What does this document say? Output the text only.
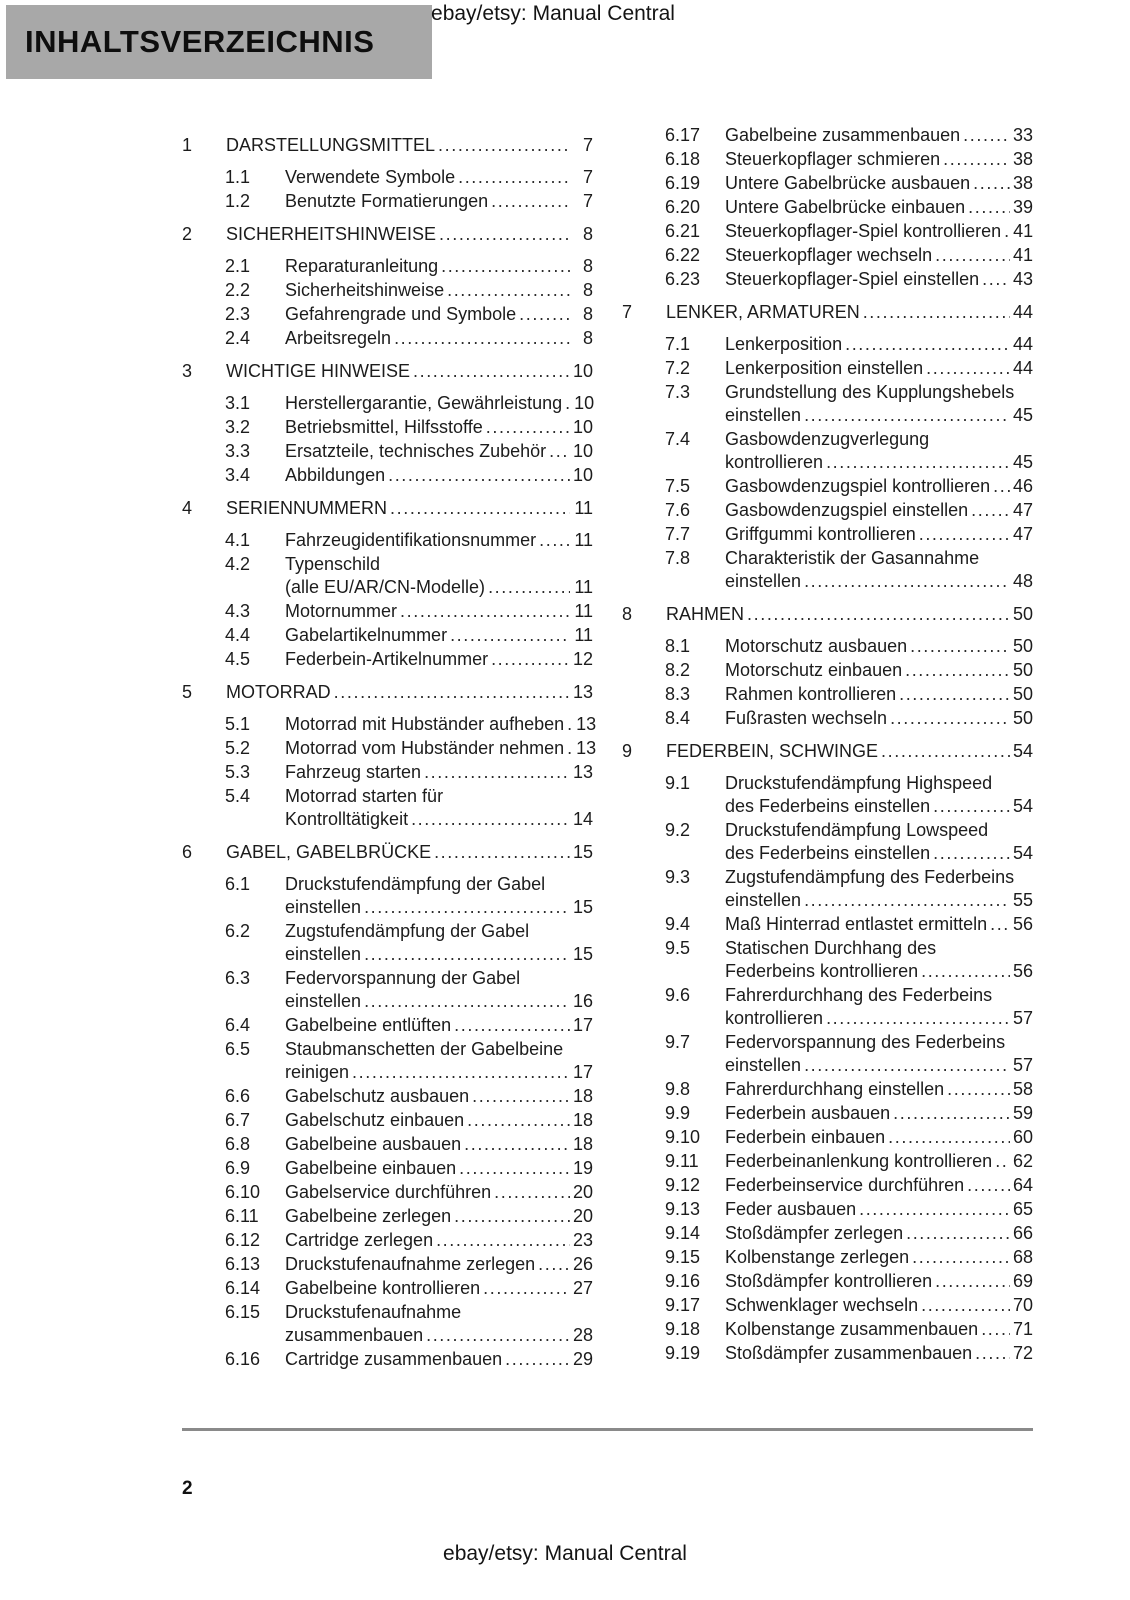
INHALTSVERZEICHNIS
ebay/etsy: Manual Central
1	DARSTELLUNGSMITTEL .....	7
1.1	Verwendete Symbole .....	7
1.2	Benutzte Formatierungen .....	7
2	SICHERHEITSHINWEISE .....	8
2.1	Reparaturanleitung .....	8
2.2	Sicherheitshinweise .....	8
2.3	Gefahrengrade und Symbole .....	8
2.4	Arbeitsregeln .....	8
3	WICHTIGE HINWEISE .....	10
3.1	Herstellergarantie, Gewährleistung ..... 10
3.2	Betriebsmittel, Hilfsstoffe .....	10
3.3	Ersatzteile, technisches Zubehör ..... 10
3.4	Abbildungen .....	10
4	SERIENNUMMERN .....	11
4.1	Fahrzeugidentifikationsnummer ..... 11
4.2	Typenschild
(alle EU/AR/CN-Modelle) .....	11
4.3	Motornummer .....	11
4.4	Gabelartikelnummer .....	11
4.5	Federbein-Artikelnummer .....	12
5	MOTORRAD .....	13
5.1	Motorrad mit Hubständer aufheben ..... 13
5.2	Motorrad vom Hubständer nehmen ..... 13
5.3	Fahrzeug starten .....	13
5.4	Motorrad starten für
Kontrolltätigkeit .....	14
6	GABEL, GABELBRÜCKE .....	15
6.1	Druckstufendämpfung der Gabel
einstellen .....	15
6.2	Zugstufendämpfung der Gabel
einstellen .....	15
6.3	Federvorspannung der Gabel
einstellen .....	16
6.4	Gabelbeine entlüften .....	17
6.5	Staubmanschetten der Gabelbeine
reinigen .....	17
6.6	Gabelschutz ausbauen .....	18
6.7	Gabelschutz einbauen .....	18
6.8	Gabelbeine ausbauen .....	18
6.9	Gabelbeine einbauen .....	19
6.10	Gabelservice durchführen .....	20
6.11	Gabelbeine zerlegen .....	20
6.12	Cartridge zerlegen .....	23
6.13	Druckstufenaufnahme zerlegen ..... 26
6.14	Gabelbeine kontrollieren .....	27
6.15	Druckstufenaufnahme
zusammenbauen .....	28
6.16	Cartridge zusammenbauen .....	29
6.17	Gabelbeine zusammenbauen .....	33
6.18	Steuerkopflager schmieren .....	38
6.19	Untere Gabelbrücke ausbauen ..... 38
6.20	Untere Gabelbrücke einbauen .....	39
6.21	Steuerkopflager-Spiel kontrollieren ..... 41
6.22	Steuerkopflager wechseln .....	41
6.23	Steuerkopflager-Spiel einstellen ..... 43
7	LENKER, ARMATUREN .....	44
7.1	Lenkerposition .....	44
7.2	Lenkerposition einstellen .....	44
7.3	Grundstellung des Kupplungshebels
einstellen .....	45
7.4	Gasbowdenzugverlegung
kontrollieren .....	45
7.5	Gasbowdenzugspiel kontrollieren ..... 46
7.6	Gasbowdenzugspiel einstellen ..... 47
7.7	Griffgummi kontrollieren .....	47
7.8	Charakteristik der Gasannahme
einstellen .....	48
8	RAHMEN .....	50
8.1	Motorschutz ausbauen .....	50
8.2	Motorschutz einbauen .....	50
8.3	Rahmen kontrollieren .....	50
8.4	Fußrasten wechseln .....	50
9	FEDERBEIN, SCHWINGE .....	54
9.1	Druckstufendämpfung Highspeed
des Federbeins einstellen .....	54
9.2	Druckstufendämpfung Lowspeed
des Federbeins einstellen .....	54
9.3	Zugstufendämpfung des Federbeins
einstellen .....	55
9.4	Maß Hinterrad entlastet ermitteln ..... 56
9.5	Statischen Durchhang des
Federbeins kontrollieren .....	56
9.6	Fahrerdurchhang des Federbeins
kontrollieren .....	57
9.7	Federvorspannung des Federbeins
einstellen .....	57
9.8	Fahrerdurchhang einstellen .....	58
9.9	Federbein ausbauen .....	59
9.10	Federbein einbauen .....	60
9.11	Federbeinanlenkung kontrollieren ..... 62
9.12	Federbeinservice durchführen .....	64
9.13	Feder ausbauen .....	65
9.14	Stoßdämpfer zerlegen .....	66
9.15	Kolbenstange zerlegen .....	68
9.16	Stoßdämpfer kontrollieren .....	69
9.17	Schwenklager wechseln .....	70
9.18	Kolbenstange zusammenbauen ..... 71
9.19	Stoßdämpfer zusammenbauen ..... 72
2
ebay/etsy: Manual Central
